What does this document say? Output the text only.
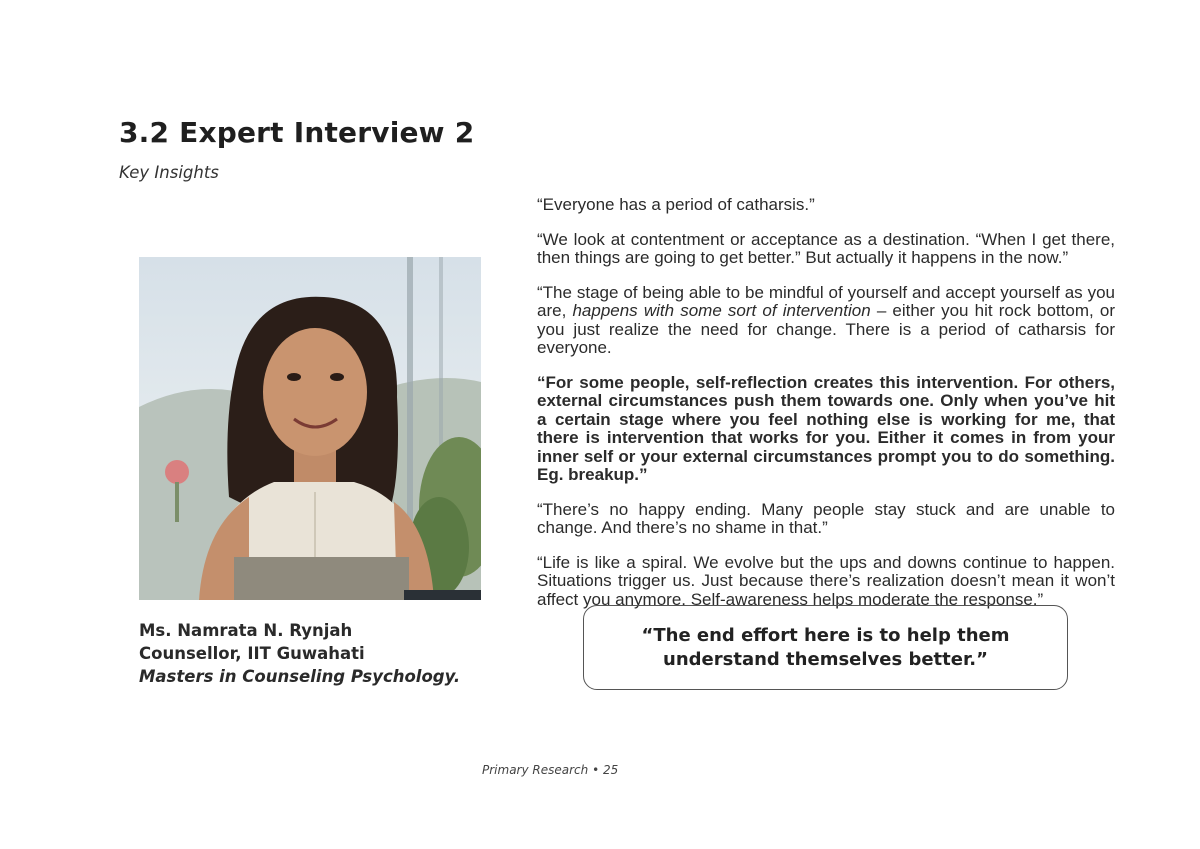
3.2 Expert Interview 2
Key Insights
Ms. Namrata N. Rynjah
Counsellor, IIT Guwahati
Masters in Counseling Psychology.

“Everyone has a period of catharsis.”

“We look at contentment or acceptance as a destination. “When I get there, then things are going to get better.” But actually it happens in the now.”

“The stage of being able to be mindful of yourself and accept yourself as you are, happens with some sort of intervention – either you hit rock bottom, or you just realize the need for change. There is a period of catharsis for everyone.

“For some people, self-reflection creates this intervention. For others, external circumstances push them towards one. Only when you’ve hit a certain stage where you feel nothing else is working for me, that there is intervention that works for you. Either it comes in from your inner self or your external circumstances prompt you to do something. Eg. breakup.”

“There’s no happy ending. Many people stay stuck and are unable to change. And there’s no shame in that.”

“Life is like a spiral. We evolve but the ups and downs continue to happen. Situations trigger us. Just because there’s realization doesn’t mean it won’t affect you anymore. Self-awareness helps moderate the response.”

“The end effort here is to help them understand themselves better.”
Primary Research • 25
